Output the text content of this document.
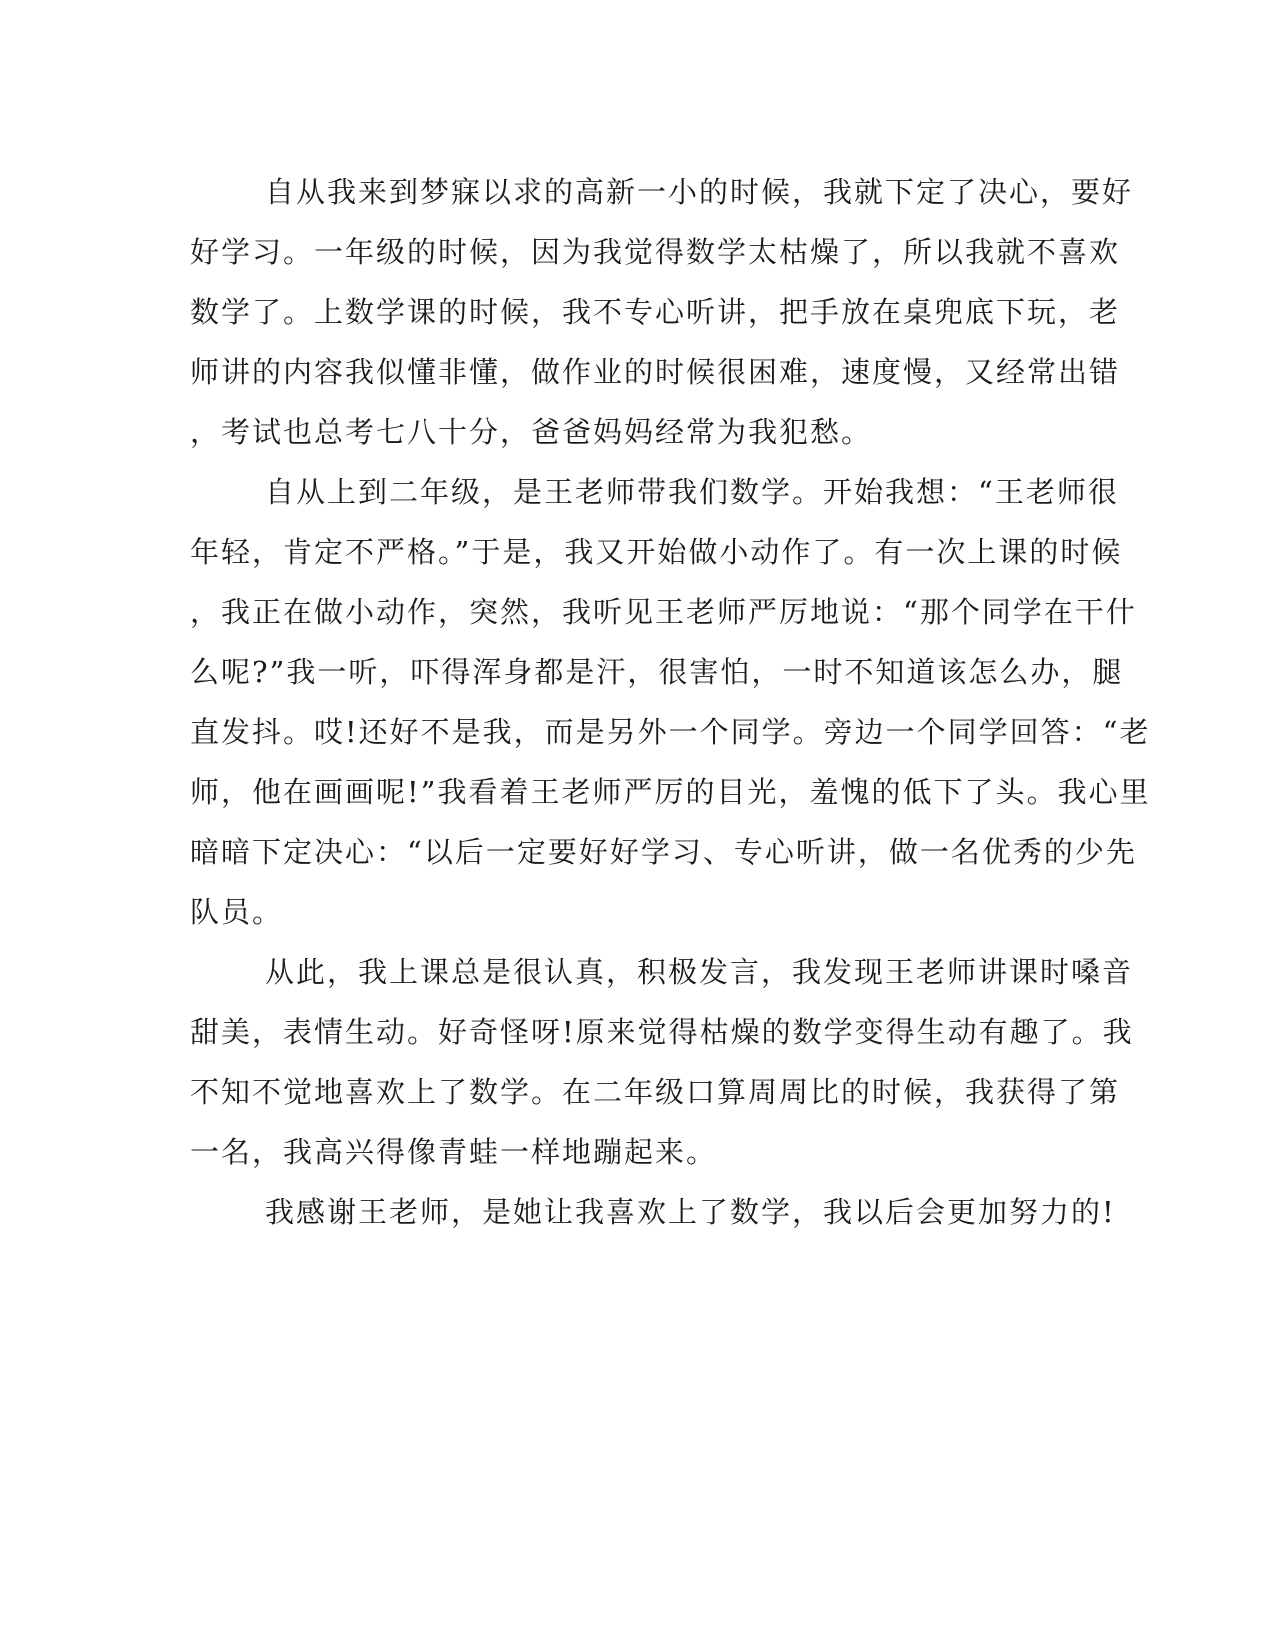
自从我来到梦寐以求的高新一小的时候，我就下定了决心，要好
好学习。一年级的时候，因为我觉得数学太枯燥了，所以我就不喜欢
数学了。上数学课的时候，我不专心听讲，把手放在桌兜底下玩，老
师讲的内容我似懂非懂，做作业的时候很困难，速度慢，又经常出错
，考试也总考七八十分，爸爸妈妈经常为我犯愁。
自从上到二年级，是王老师带我们数学。开始我想：“王老师很
年轻，肯定不严格。”于是，我又开始做小动作了。有一次上课的时候
，我正在做小动作，突然，我听见王老师严厉地说：“那个同学在干什
么呢?”我一听，吓得浑身都是汗，很害怕，一时不知道该怎么办，腿
直发抖。哎!还好不是我，而是另外一个同学。旁边一个同学回答：“老
师，他在画画呢!”我看着王老师严厉的目光，羞愧的低下了头。我心里
暗暗下定决心：“以后一定要好好学习、专心听讲，做一名优秀的少先
队员。
从此，我上课总是很认真，积极发言，我发现王老师讲课时嗓音
甜美，表情生动。好奇怪呀!原来觉得枯燥的数学变得生动有趣了。我
不知不觉地喜欢上了数学。在二年级口算周周比的时候，我获得了第
一名，我高兴得像青蛙一样地蹦起来。
我感谢王老师，是她让我喜欢上了数学，我以后会更加努力的!
